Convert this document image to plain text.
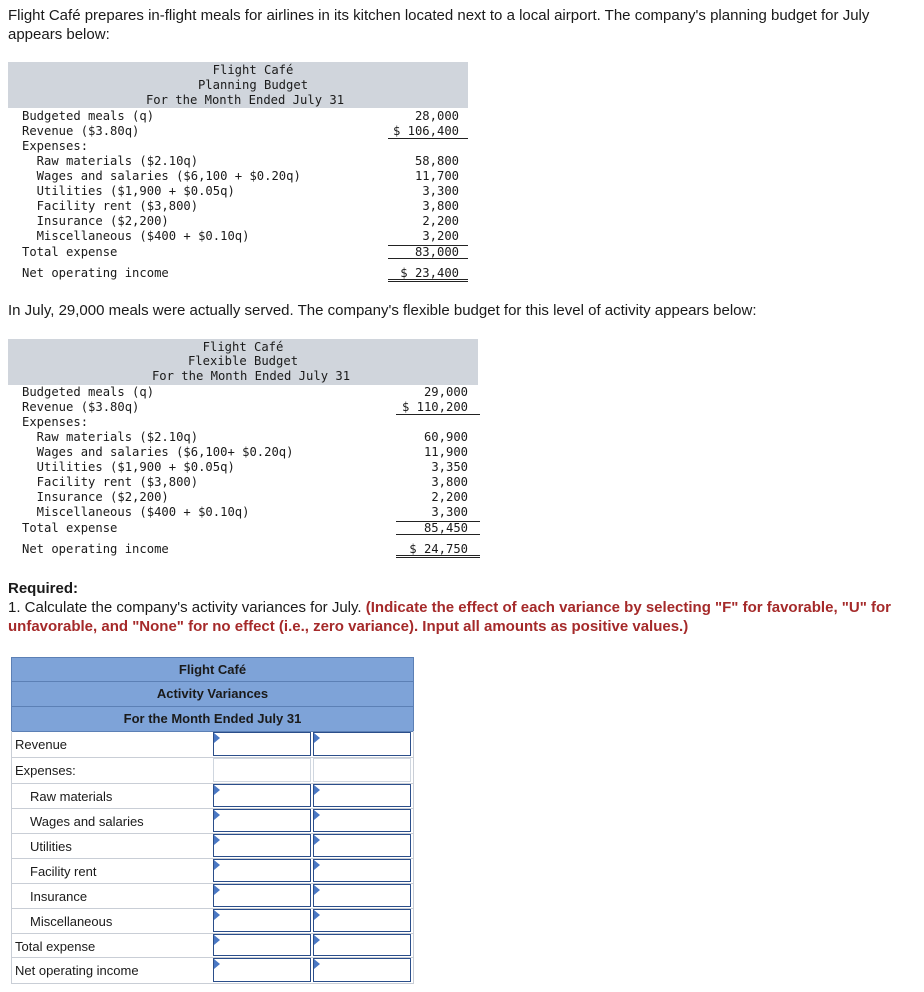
Flight Café prepares in-flight meals for airlines in its kitchen located next to a local airport. The company's planning budget for July appears below:
Flight Café
Planning Budget
For the Month Ended July 31
Budgeted meals (q)	28,000
Revenue ($3.80q)	$ 106,400
Expenses:
Raw materials ($2.10q)	58,800
Wages and salaries ($6,100 + $0.20q)	11,700
Utilities ($1,900 + $0.05q)	3,300
Facility rent ($3,800)	3,800
Insurance ($2,200)	2,200
Miscellaneous ($400 + $0.10q)	3,200
Total expense	83,000
Net operating income	$ 23,400
In July, 29,000 meals were actually served. The company's flexible budget for this level of activity appears below:
Flight Café
Flexible Budget
For the Month Ended July 31
Budgeted meals (q)	29,000
Revenue ($3.80q)	$ 110,200
Expenses:
Raw materials ($2.10q)	60,900
Wages and salaries ($6,100+ $0.20q)	11,900
Utilities ($1,900 + $0.05q)	3,350
Facility rent ($3,800)	3,800
Insurance ($2,200)	2,200
Miscellaneous ($400 + $0.10q)	3,300
Total expense	85,450
Net operating income	$ 24,750
Required:
1. Calculate the company's activity variances for July. (Indicate the effect of each variance by selecting "F" for favorable, "U" for unfavorable, and "None" for no effect (i.e., zero variance). Input all amounts as positive values.)
Flight Café
Activity Variances
For the Month Ended July 31
Revenue
Expenses:
Raw materials
Wages and salaries
Utilities
Facility rent
Insurance
Miscellaneous
Total expense
Net operating income
